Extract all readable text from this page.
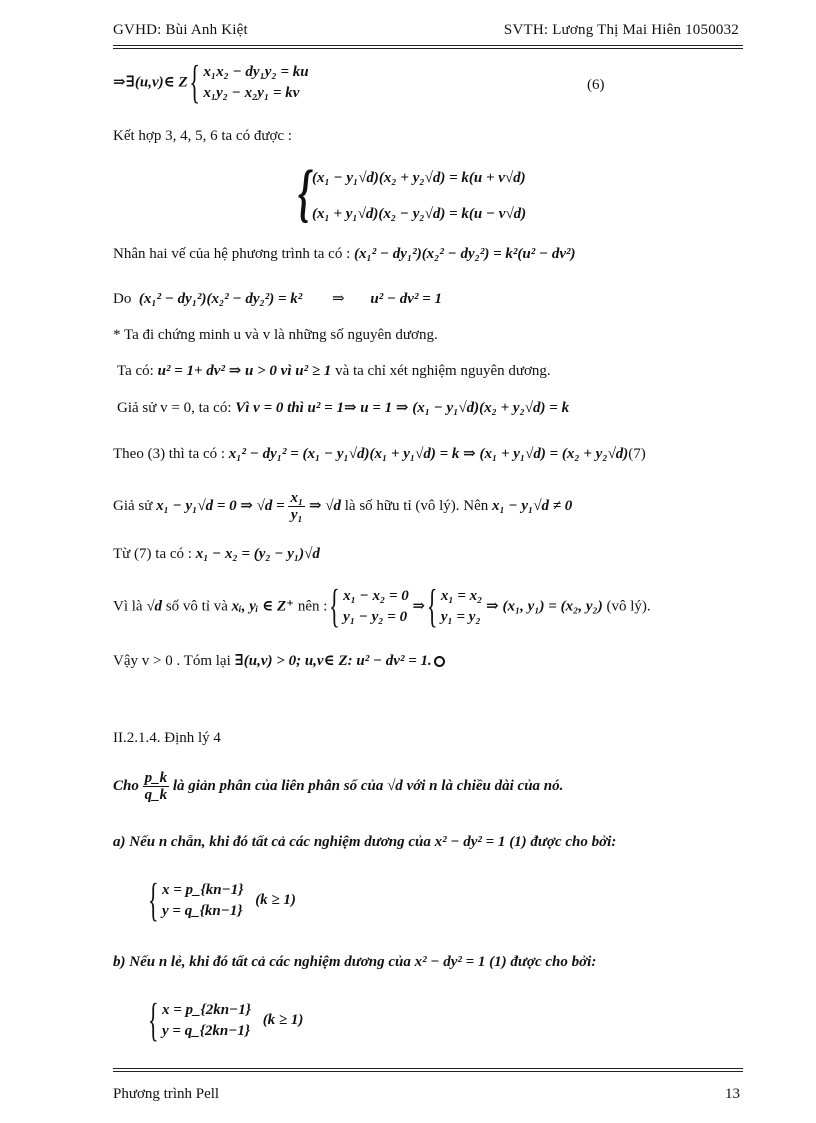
GVHD: Bùi Anh Kiệt	SVTH: Lương Thị Mai Hiên 1050032
⇒∃(u,v)∈ Z
{ x₁x₂ − dy₁y₂ = ku
x₁y₂ − x₂y₁ = kv	(6)
Kết hợp 3, 4, 5, 6 ta có được :
{ (x₁ − y₁√d)(x₂ + y₂√d) = k(u + v√d)
(x₁ + y₁√d)(x₂ − y₂√d) = k(u − v√d)
Nhân hai vế của hệ phương trình ta có : (x₁² − dy₁²)(x₂² − dy₂²) = k²(u² − dv²)
Do (x₁² − dy₁²)(x₂² − dy₂²) = k² ⇒ u² − dv² = 1
* Ta đi chứng minh u và v là những số nguyên dương.
Ta có: u² = 1+ dv² ⇒ u > 0 vì u² ≥ 1 và ta chỉ xét nghiệm nguyên dương.
Giả sử v = 0, ta có: Vì v = 0 thì u² = 1⇒ u = 1 ⇒ (x₁ − y₁√d)(x₂ + y₂√d) = k
Theo (3) thì ta có : x₁² − dy₁² = (x₁ − y₁√d)(x₁ + y₁√d) = k ⇒ (x₁ + y₁√d) = (x₂ + y₂√d)(7)
Giả sử x₁ − y₁√d = 0 ⇒ $√d = \frac{\text{x₁}}{\text{y₁}}$ ⇒ √d là số hữu tỉ (vô lý). Nên x₁ − y₁√d ≠ 0
Từ (7) ta có : x₁ − x₂ = (y₂ − y₁)√d
Vì là √d số vô tỉ và xᵢ, yᵢ ∈ Z⁺ nên :
{ x₁ − x₂ = 0
y₁ − y₂ = 0
⇒
{ x₁ = x₂
y₁ = y₂
⇒ (x₁, y₁) = (x₂, y₂) (vô lý).
Vậy v > 0 . Tóm lại ∃(u,v) > 0; u,v∈ Z: u² − dv² = 1.
II.2.1.4. Định lý 4
Cho $\frac{p\_k}{q\_k}$ là giản phân của liên phân số của √d với n là chiều dài của nó.
a) Nếu n chẵn, khi đó tất cả các nghiệm dương của x² − dy² = 1 (1) được cho bởi:
{ x = p_{kn−1}
y = q_{kn−1}
(k ≥ 1)
b) Nếu n lẻ, khi đó tất cả các nghiệm dương của x² − dy² = 1 (1) được cho bởi:
{ x = p_{2kn−1}
y = q_{2kn−1}
(k ≥ 1)
Phương trình Pell	13
